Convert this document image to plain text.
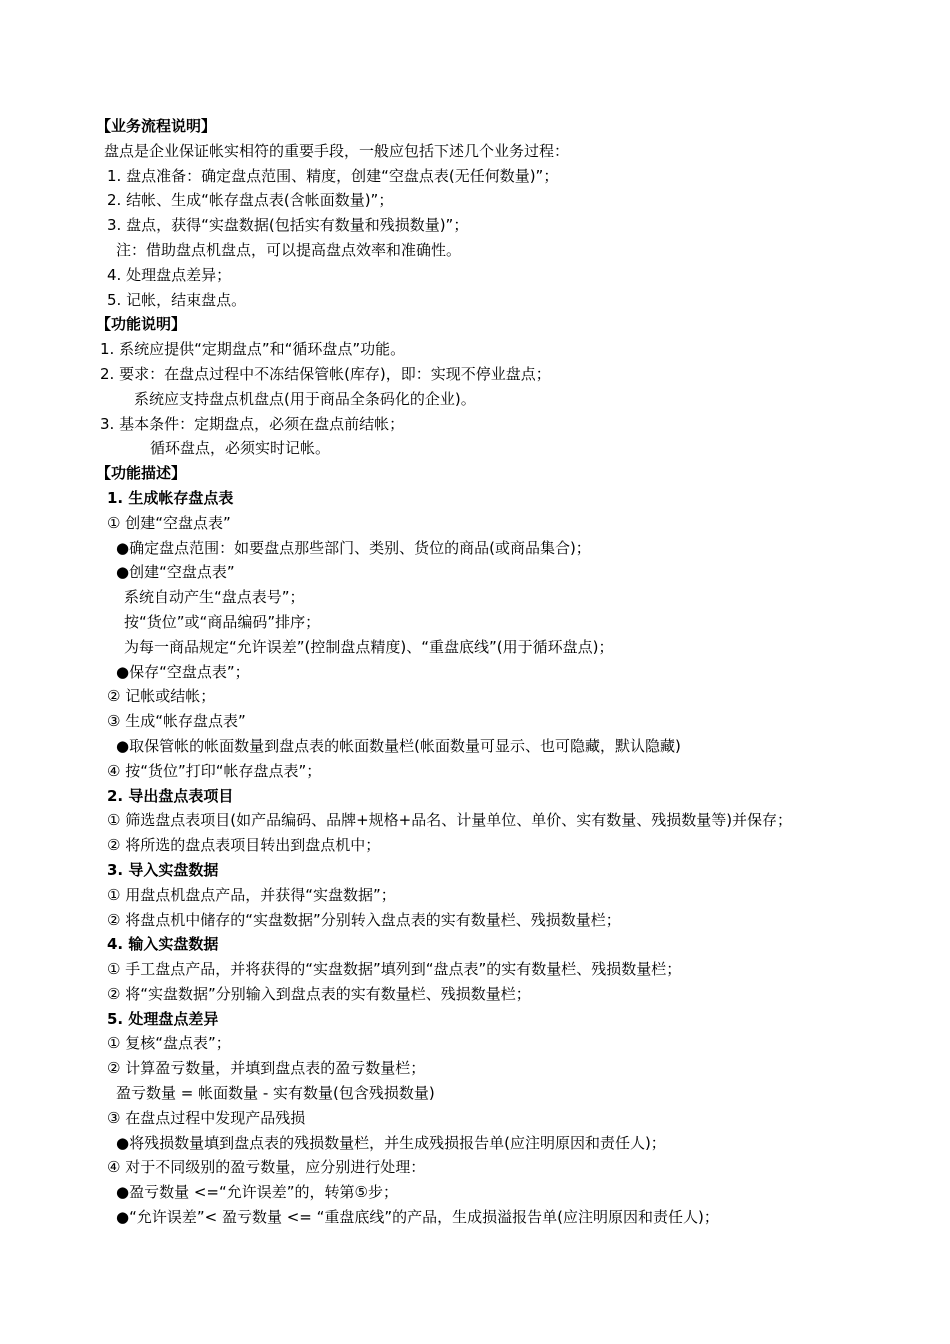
【业务流程说明】
盘点是企业保证帐实相符的重要手段，一般应包括下述几个业务过程：
1. 盘点准备：确定盘点范围、精度，创建“空盘点表(无任何数量)”；
2. 结帐、生成“帐存盘点表(含帐面数量)”；
3. 盘点，获得“实盘数据(包括实有数量和残损数量)”；
注：借助盘点机盘点，可以提高盘点效率和准确性。
4. 处理盘点差异；
5. 记帐，结束盘点。
【功能说明】
1. 系统应提供“定期盘点”和“循环盘点”功能。
2. 要求：在盘点过程中不冻结保管帐(库存)，即：实现不停业盘点；
系统应支持盘点机盘点(用于商品全条码化的企业)。
3. 基本条件：定期盘点，必须在盘点前结帐；
循环盘点，必须实时记帐。
【功能描述】
1. 生成帐存盘点表
① 创建“空盘点表”
●确定盘点范围：如要盘点那些部门、类别、货位的商品(或商品集合)；
●创建“空盘点表”
系统自动产生“盘点表号”；
按“货位”或“商品编码”排序；
为每一商品规定“允许误差”(控制盘点精度)、“重盘底线”(用于循环盘点)；
●保存“空盘点表”；
② 记帐或结帐；
③ 生成“帐存盘点表”
●取保管帐的帐面数量到盘点表的帐面数量栏(帐面数量可显示、也可隐藏，默认隐藏)
④ 按“货位”打印“帐存盘点表”；
2. 导出盘点表项目
① 筛选盘点表项目(如产品编码、品牌+规格+品名、计量单位、单价、实有数量、残损数量等)并保存；
② 将所选的盘点表项目转出到盘点机中；
3. 导入实盘数据
① 用盘点机盘点产品，并获得“实盘数据”；
② 将盘点机中储存的“实盘数据”分别转入盘点表的实有数量栏、残损数量栏；
4. 输入实盘数据
① 手工盘点产品，并将获得的“实盘数据”填列到“盘点表”的实有数量栏、残损数量栏；
② 将“实盘数据”分别输入到盘点表的实有数量栏、残损数量栏；
5. 处理盘点差异
① 复核“盘点表”；
② 计算盈亏数量，并填到盘点表的盈亏数量栏；
盈亏数量 = 帐面数量 - 实有数量(包含残损数量)
③ 在盘点过程中发现产品残损
●将残损数量填到盘点表的残损数量栏，并生成残损报告单(应注明原因和责任人)；
④ 对于不同级别的盈亏数量，应分别进行处理：
●盈亏数量 <=“允许误差”的，转第⑤步；
●“允许误差”< 盈亏数量 <= “重盘底线”的产品，生成损溢报告单(应注明原因和责任人)；
